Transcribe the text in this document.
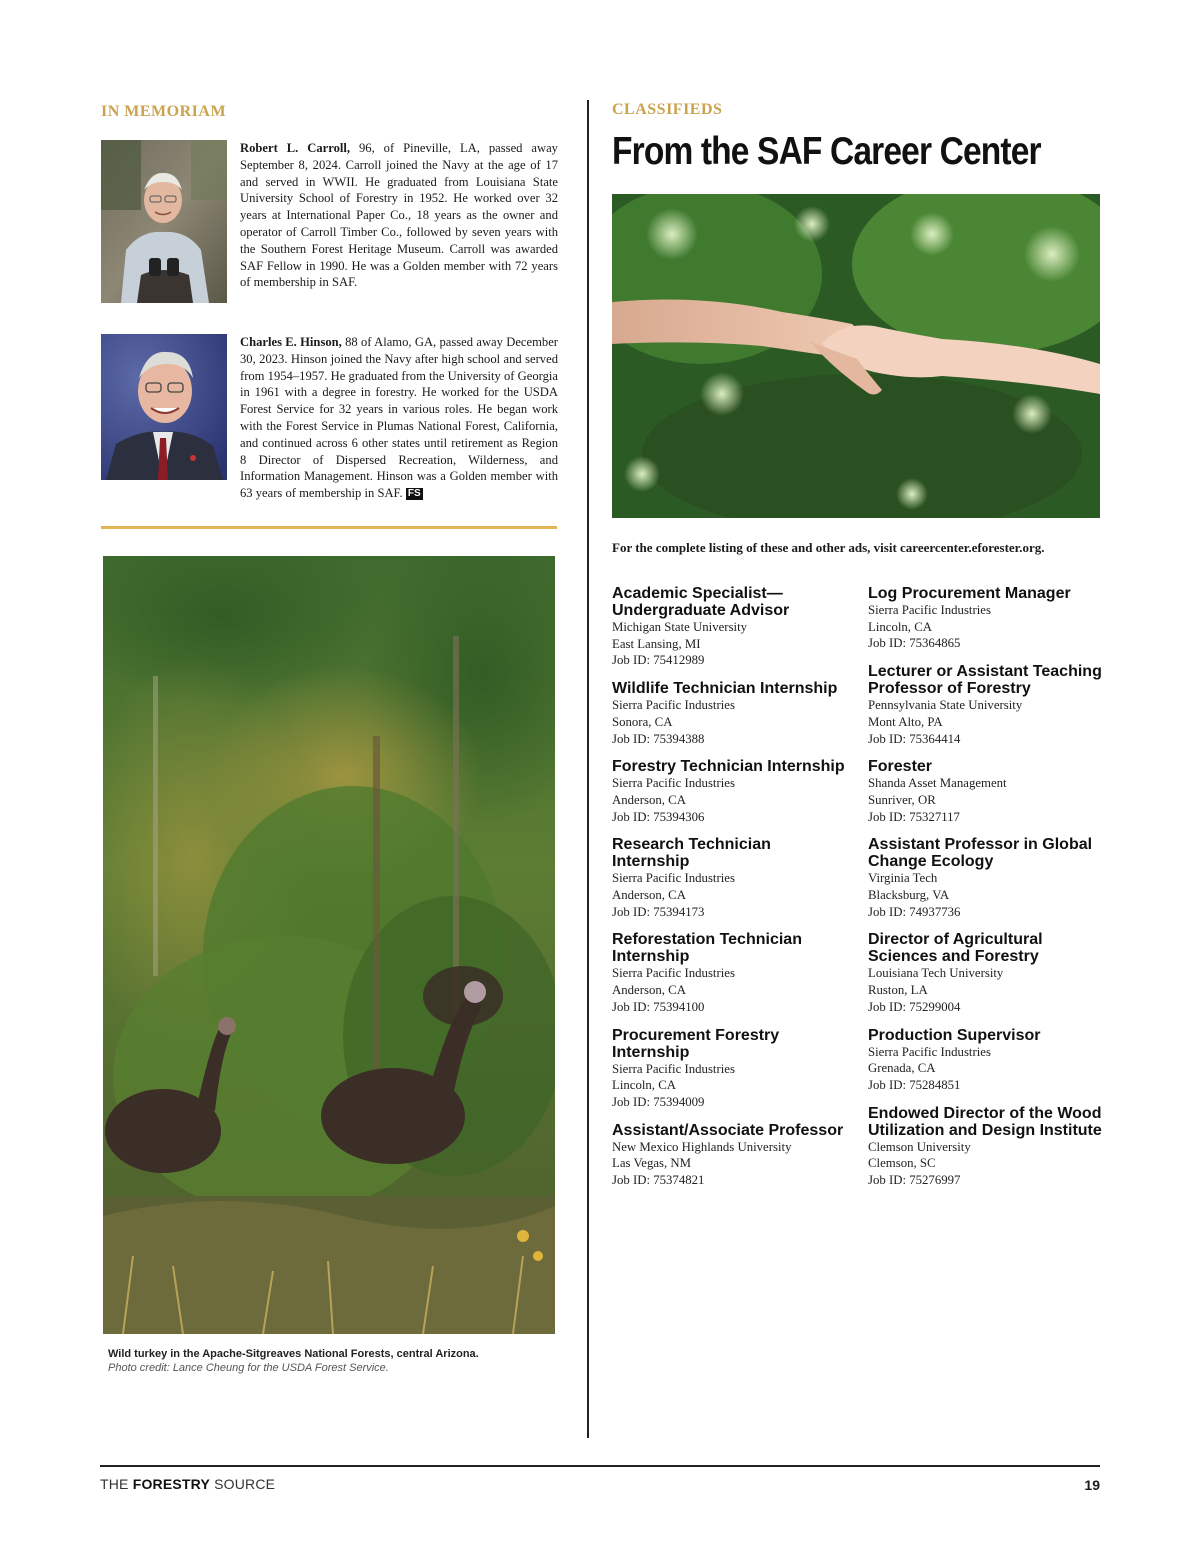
IN MEMORIAM
Robert L. Carroll, 96, of Pineville, LA, passed away September 8, 2024. Carroll joined the Navy at the age of 17 and served in WWII. He graduated from Louisiana State University School of Forestry in 1952. He worked over 32 years at International Paper Co., 18 years as the owner and operator of Carroll Timber Co., followed by seven years with the Southern Forest Heritage Museum. Carroll was awarded SAF Fellow in 1990. He was a Golden member with 72 years of membership in SAF.
Charles E. Hinson, 88 of Alamo, GA, passed away December 30, 2023. Hinson joined the Navy after high school and served from 1954–1957. He graduated from the University of Georgia in 1961 with a degree in forestry. He worked for the USDA Forest Service for 32 years in various roles. He began work with the Forest Service in Plumas National Forest, California, and continued across 6 other states until retirement as Region 8 Director of Dispersed Recreation, Wilderness, and Information Management. Hinson was a Golden member with 63 years of membership in SAF. FS
Wild turkey in the Apache-Sitgreaves National Forests, central Arizona.
Photo credit: Lance Cheung for the USDA Forest Service.
CLASSIFIEDS
From the SAF Career Center
For the complete listing of these and other ads, visit careercenter.eforester.org.
Academic Specialist—Undergraduate Advisor
Michigan State University
East Lansing, MI
Job ID: 75412989
Wildlife Technician Internship
Sierra Pacific Industries
Sonora, CA
Job ID: 75394388
Forestry Technician Internship
Sierra Pacific Industries
Anderson, CA
Job ID: 75394306
Research Technician Internship
Sierra Pacific Industries
Anderson, CA
Job ID: 75394173
Reforestation Technician Internship
Sierra Pacific Industries
Anderson, CA
Job ID: 75394100
Procurement Forestry Internship
Sierra Pacific Industries
Lincoln, CA
Job ID: 75394009
Assistant/Associate Professor
New Mexico Highlands University
Las Vegas, NM
Job ID: 75374821
Log Procurement Manager
Sierra Pacific Industries
Lincoln, CA
Job ID: 75364865
Lecturer or Assistant Teaching Professor of Forestry
Pennsylvania State University
Mont Alto, PA
Job ID: 75364414
Forester
Shanda Asset Management
Sunriver, OR
Job ID: 75327117
Assistant Professor in Global Change Ecology
Virginia Tech
Blacksburg, VA
Job ID: 74937736
Director of Agricultural Sciences and Forestry
Louisiana Tech University
Ruston, LA
Job ID: 75299004
Production Supervisor
Sierra Pacific Industries
Grenada, CA
Job ID: 75284851
Endowed Director of the Wood Utilization and Design Institute
Clemson University
Clemson, SC
Job ID: 75276997
THE FORESTRY SOURCE	19
